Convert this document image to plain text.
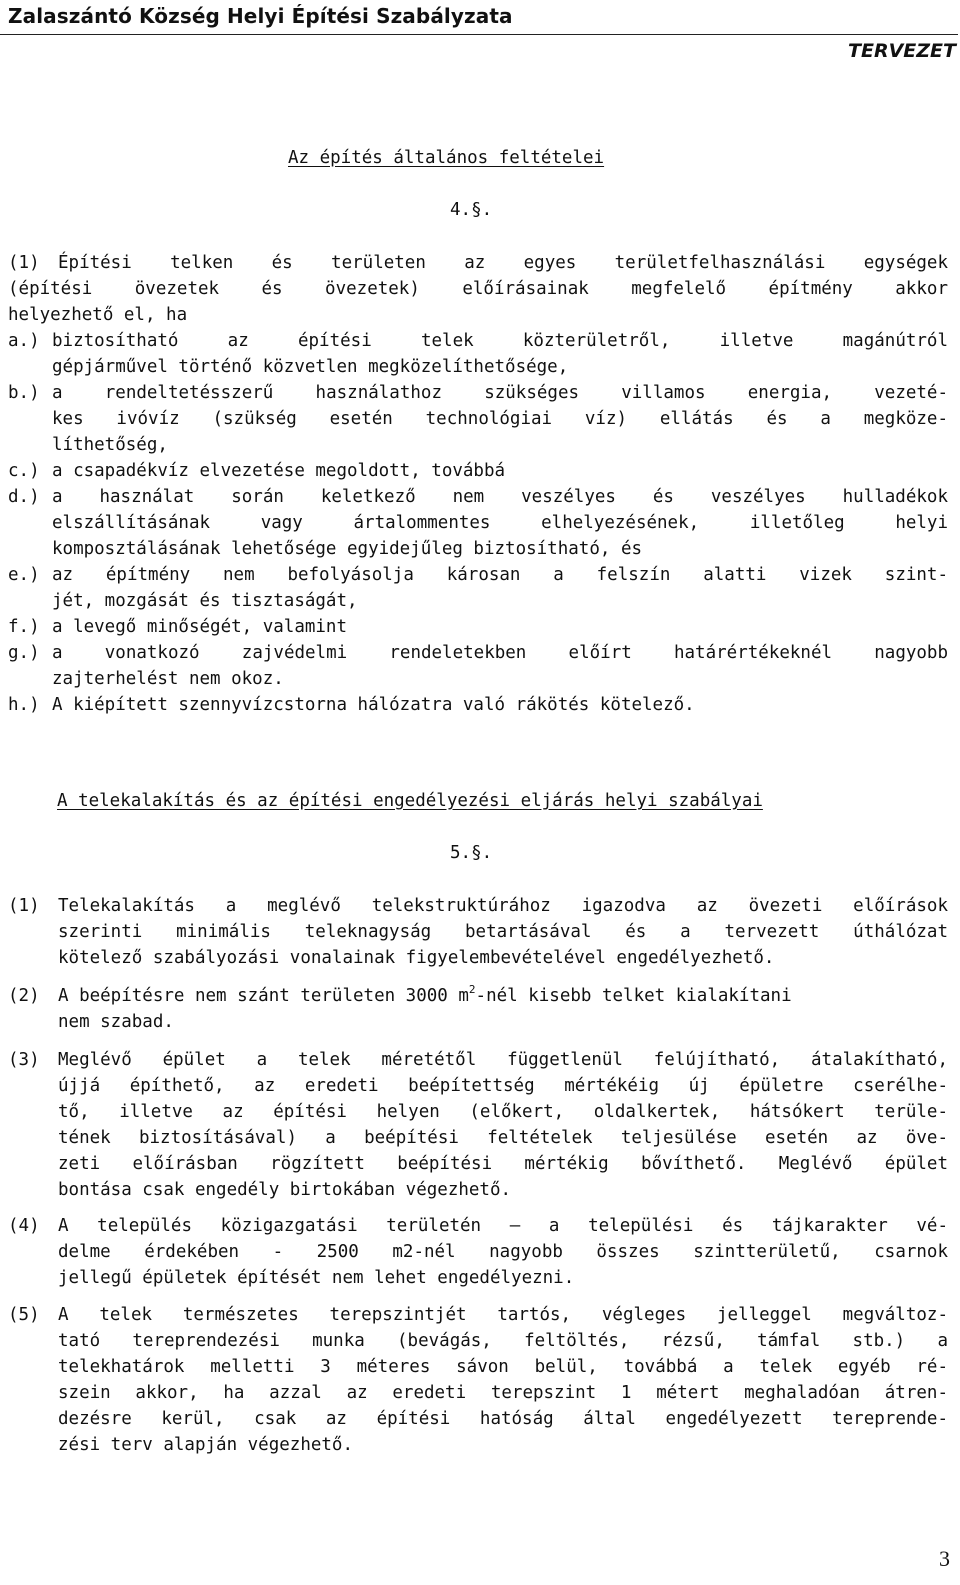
Zalaszántó Község Helyi Építési Szabályzata
TERVEZET
Az építés általános feltételei
4.§.
(1)	Építési telken és területen az egyes területfelhasználási egységek
(építési övezetek és övezetek) előírásainak megfelelő építmény akkor
helyezhető el, ha
a.) biztosítható az építési telek közterületről, illetve magánútról
gépjárművel történő közvetlen megközelíthetősége,
b.) a rendeltetésszerű használathoz szükséges villamos energia, vezeté-
kes ivóvíz (szükség esetén technológiai víz) ellátás és a megköze-
líthetőség,
c.) a csapadékvíz elvezetése megoldott, továbbá
d.) a használat során keletkező nem veszélyes és veszélyes hulladékok
elszállításának vagy ártalommentes elhelyezésének, illetőleg helyi
komposztálásának lehetősége egyidejűleg biztosítható, és
e.) az építmény nem befolyásolja károsan a felszín alatti vizek szint-
jét, mozgását és tisztaságát,
f.) a levegő minőségét, valamint
g.) a vonatkozó zajvédelmi rendeletekben előírt határértékeknél nagyobb
zajterhelést nem okoz.
h.) A kiépített szennyvízcstorna hálózatra való rákötés kötelező.
A telekalakítás és az építési engedélyezési eljárás helyi szabályai
5.§.
(1)	Telekalakítás a meglévő telekstruktúrához igazodva az övezeti előírások
szerinti minimális teleknagyság betartásával és a tervezett úthálózat
kötelező szabályozási vonalainak figyelembevételével engedélyezhető.
(2)	A beépítésre nem szánt területen 3000 $m^2$-nél kisebb telket kialakítani
nem szabad.
(3)	Meglévő épület a telek méretétől függetlenül felújítható, átalakítható,
újjá építhető, az eredeti beépítettség mértékéig új épületre cserélhe-
tő, illetve az építési helyen (előkert, oldalkertek, hátsókert terüle-
tének biztosításával) a beépítési feltételek teljesülése esetén az öve-
zeti előírásban rögzített beépítési mértékig bővíthető. Meglévő épület
bontása csak engedély birtokában végezhető.
(4)	A település közigazgatási területén – a települési és tájkarakter vé-
delme érdekében - 2500 m2-nél nagyobb összes szintterületű, csarnok
jellegű épületek építését nem lehet engedélyezni.
(5)	A telek természetes terepszintjét tartós, végleges jelleggel megváltoz-
tató tereprendezési munka (bevágás, feltöltés, rézsű, támfal stb.) a
telekhatárok melletti 3 méteres sávon belül, továbbá a telek egyéb ré-
szein akkor, ha azzal az eredeti terepszint 1 métert meghaladóan átren-
dezésre kerül, csak az építési hatóság által engedélyezett tereprende-
zési terv alapján végezhető.
3
